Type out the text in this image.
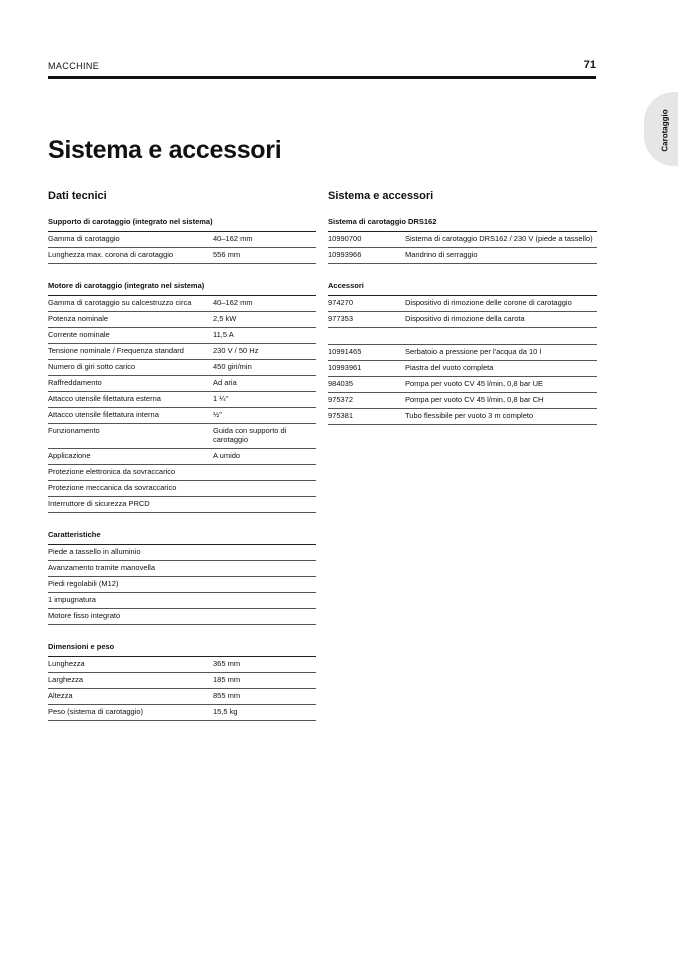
MACCHINE	71
Carotaggio
Sistema e accessori
Dati tecnici
Supporto di carotaggio (integrato nel sistema)	
Gamma di carotaggio	40–162 mm
Lunghezza max. corona di carotaggio	556 mm

Motore di carotaggio (integrato nel sistema)	
Gamma di carotaggio su calcestruzzo circa	40–162 mm
Potenza nominale	2,5 kW
Corrente nominale	11,5 A
Tensione nominale / Frequenza standard	230 V / 50 Hz
Numero di giri sotto carico	450 giri/min
Raffreddamento	Ad aria
Attacco utensile filettatura esterna	1 ¼"
Attacco utensile filettatura interna	½"
Funzionamento	Guida con supporto di carotaggio
Applicazione	A umido
Protezione elettronica da sovraccarico	
Protezione meccanica da sovraccarico	
Interruttore di sicurezza PRCD	

Caratteristiche	
Piede a tassello in alluminio	
Avanzamento tramite manovella	
Piedi regolabili (M12)	
1 impugnatura	
Motore fisso integrato	

Dimensioni e peso	
Lunghezza	365 mm
Larghezza	185 mm
Altezza	855 mm
Peso (sistema di carotaggio)	15,5 kg
Sistema e accessori
Sistema di carotaggio DRS162	
10990700	Sistema di carotaggio DRS162 / 230 V (piede a tassello)
10993966	Mandrino di serraggio

Accessori	
974270	Dispositivo di rimozione delle corone di carotaggio
977353	Dispositivo di rimozione della carota

10991465	Serbatoio a pressione per l'acqua da 10 l
10993961	Piastra del vuoto completa
984035	Pompa per vuoto CV 45 l/min, 0,8 bar UE
975372	Pompa per vuoto CV 45 l/min, 0,8 bar CH
975381	Tubo flessibile per vuoto 3 m completo
